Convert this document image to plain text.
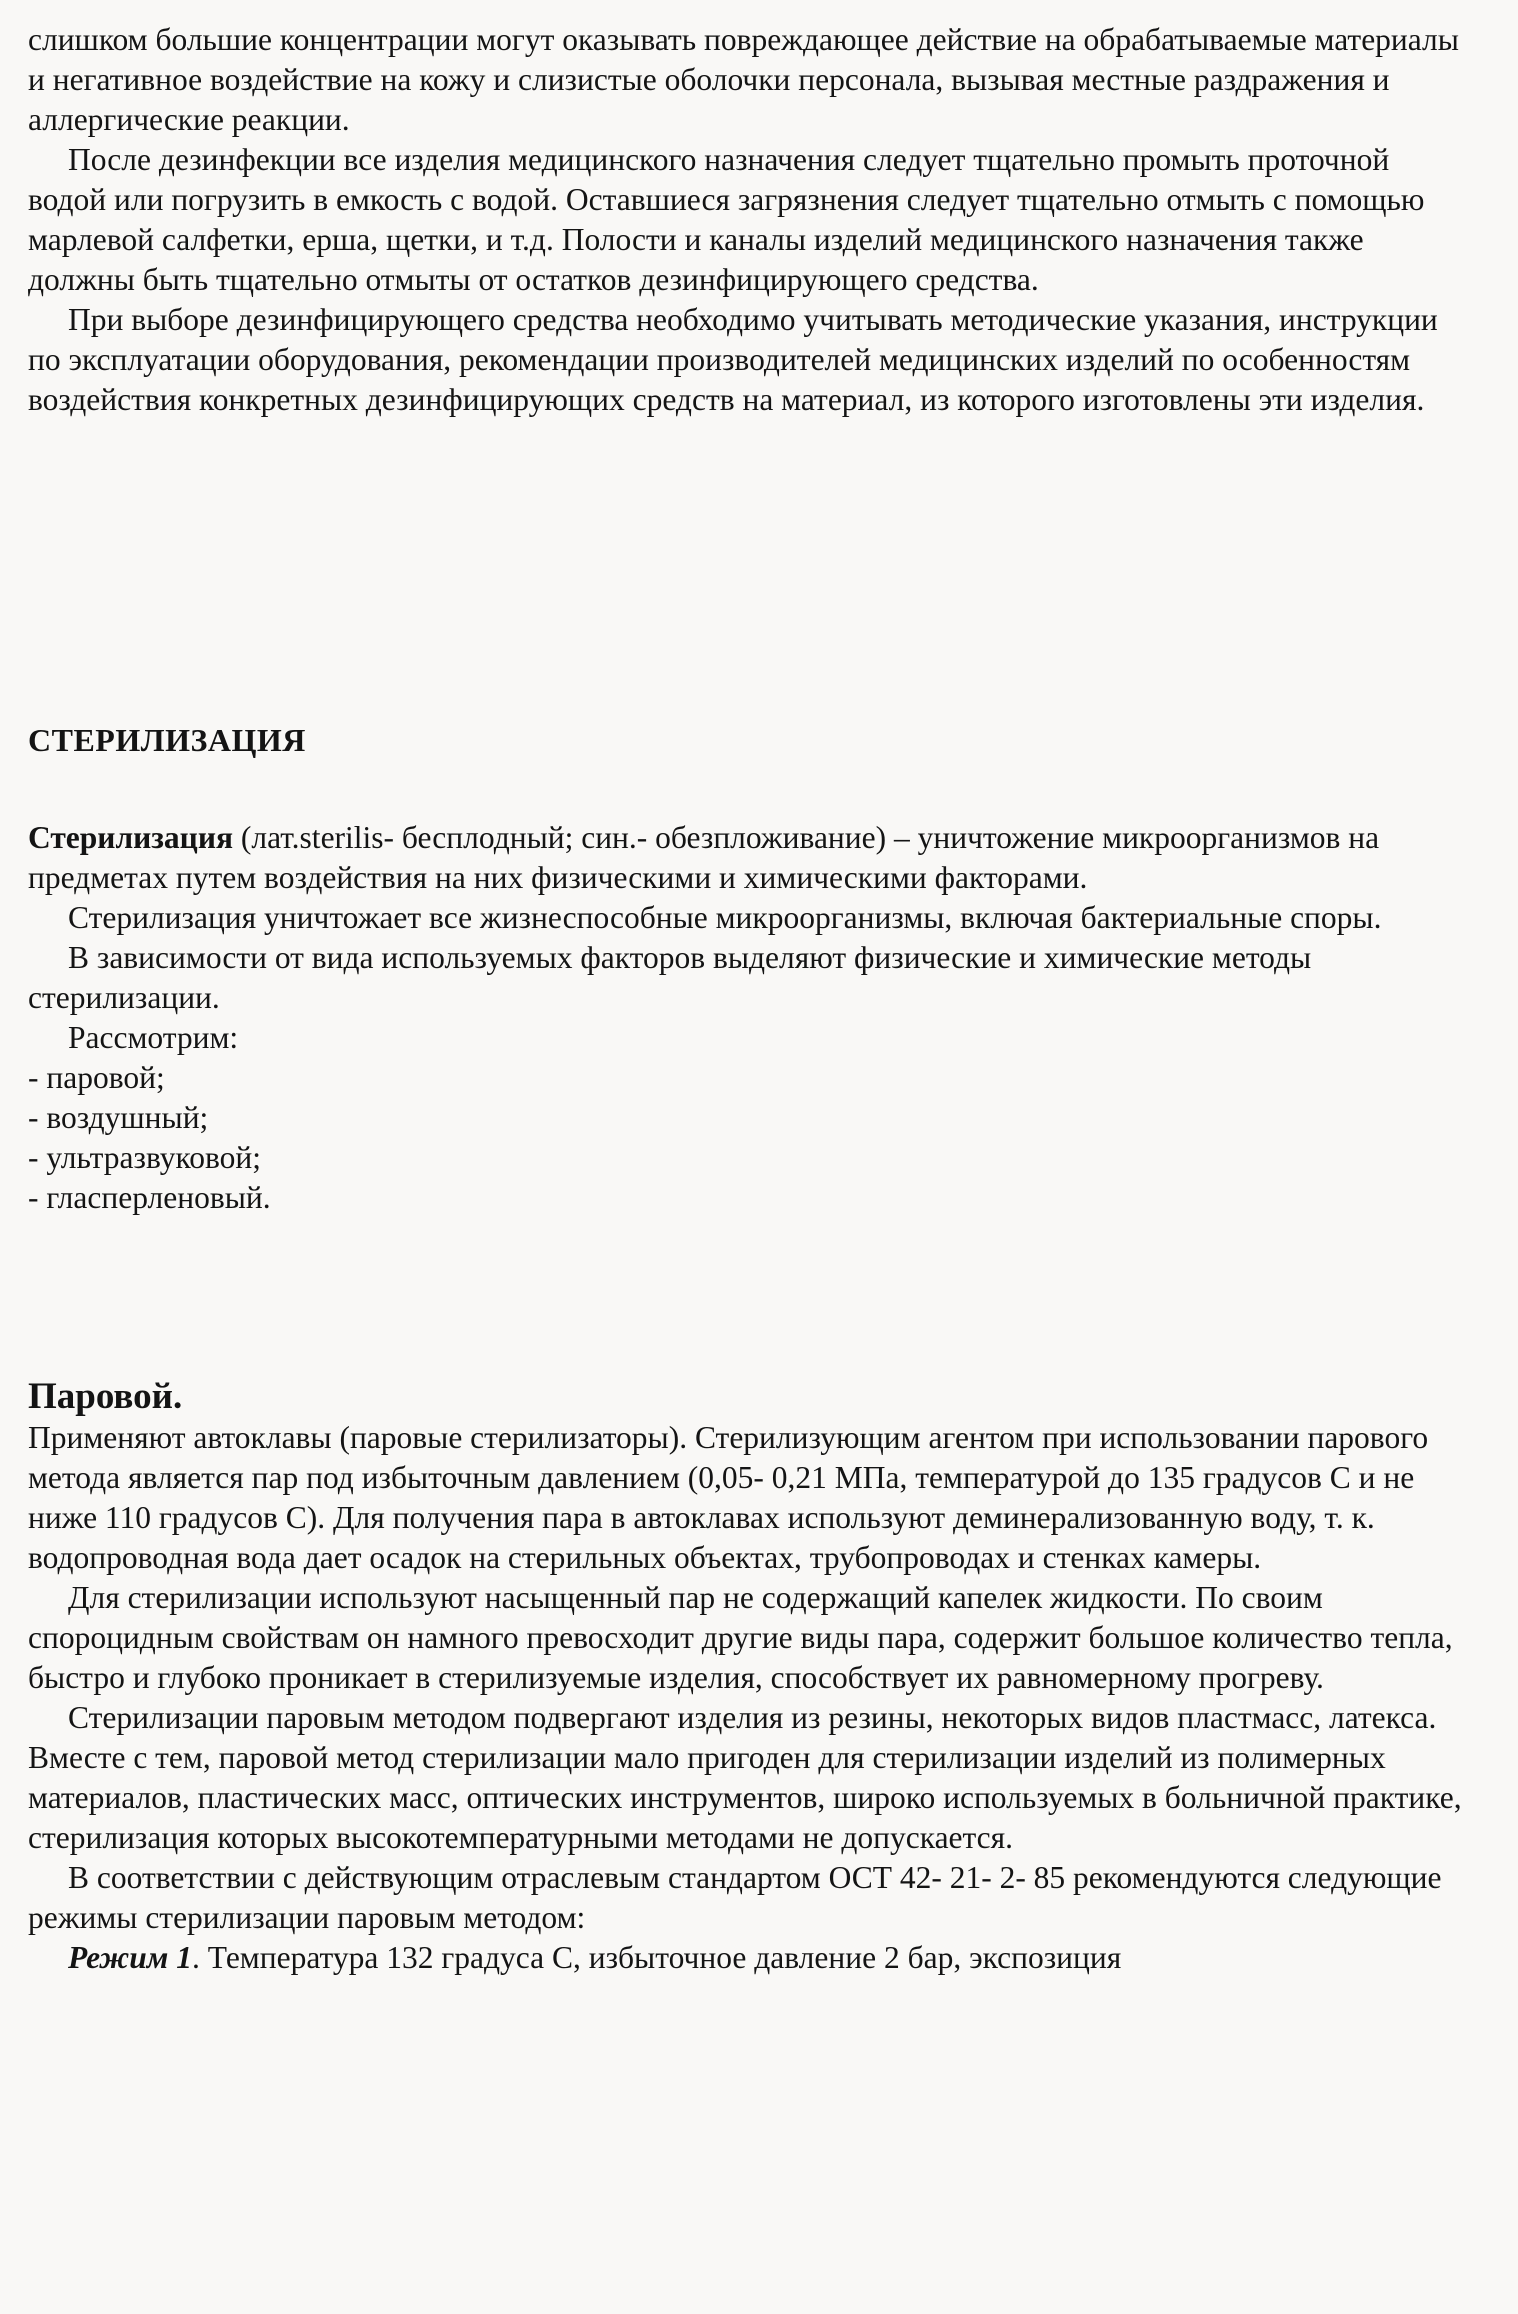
слишком большие концентрации могут оказывать повреждающее действие на обрабатываемые материалы и негативное воздействие на кожу и слизистые оболочки персонала, вызывая местные раздражения и аллергические реакции.

После дезинфекции все изделия медицинского назначения следует тщательно промыть проточной водой или погрузить в емкость с водой. Оставшиеся загрязнения следует тщательно отмыть с помощью марлевой салфетки, ерша, щетки, и т.д. Полости и каналы изделий медицинского назначения также должны быть тщательно отмыты от остатков дезинфицирующего средства.

При выборе дезинфицирующего средства необходимо учитывать методические указания, инструкции по эксплуатации оборудования, рекомендации производителей медицинских изделий по особенностям воздействия конкретных дезинфицирующих средств на материал, из которого изготовлены эти изделия.

СТЕРИЛИЗАЦИЯ

Стерилизация (лат.sterilis- бесплодный; син.- обезпложивание) – уничтожение микроорганизмов на предметах путем воздействия на них физическими и химическими факторами.

Стерилизация уничтожает все жизнеспособные микроорганизмы, включая бактериальные споры.

В зависимости от вида используемых факторов выделяют физические и химические методы стерилизации.

Рассмотрим:

- паровой;
- воздушный;
- ультразвуковой;
- гласперленовый.
Паровой.

Применяют автоклавы (паровые стерилизаторы). Стерилизующим агентом при использовании парового метода является пар под избыточным давлением (0,05- 0,21 МПа, температурой до 135 градусов С и не ниже 110 градусов С). Для получения пара в автоклавах используют деминерализованную воду, т. к. водопроводная вода дает осадок на стерильных объектах, трубопроводах и стенках камеры.

Для стерилизации используют насыщенный пар не содержащий капелек жидкости. По своим спороцидным свойствам он намного превосходит другие виды пара, содержит большое количество тепла, быстро и глубоко проникает в стерилизуемые изделия, способствует их равномерному прогреву.

Стерилизации паровым методом подвергают изделия из резины, некоторых видов пластмасс, латекса. Вместе с тем, паровой метод стерилизации мало пригоден для стерилизации изделий из полимерных материалов, пластических масс, оптических инструментов, широко используемых в больничной практике, стерилизация которых высокотемпературными методами не допускается.

В соответствии с действующим отраслевым стандартом ОСТ 42- 21- 2- 85 рекомендуются следующие режимы стерилизации паровым методом:

Режим 1. Температура 132 градуса С, избыточное давление 2 бар, экспозиция
